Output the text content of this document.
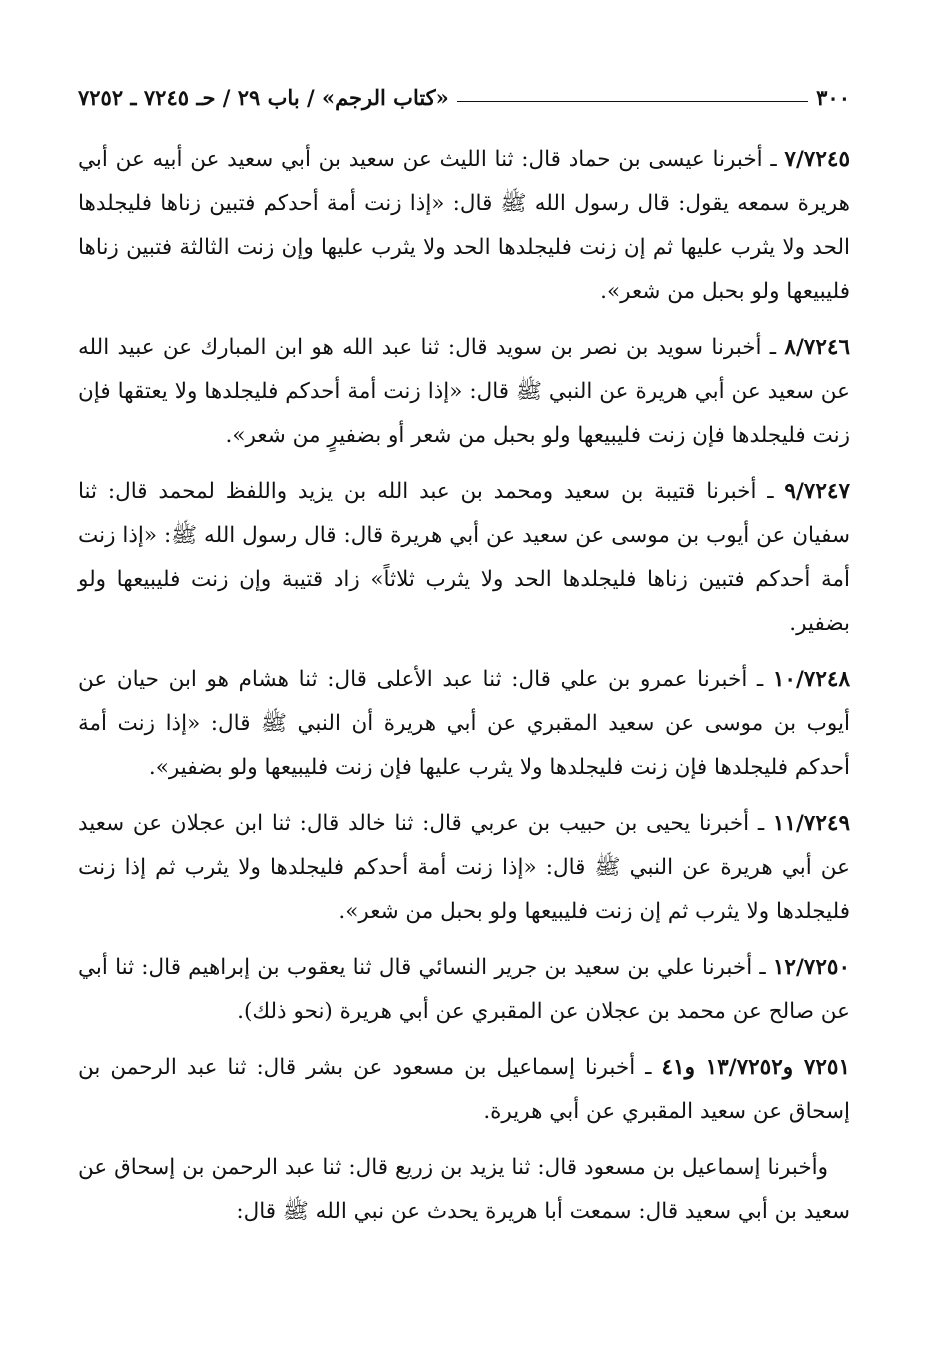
٣٠٠
«كتاب الرجم» / باب ٢٩ / حـ ٧٢٤٥ ـ ٧٢٥٢

٧/٧٢٤٥ ـ أخبرنا عيسى بن حماد قال: ثنا الليث عن سعيد بن أبي سعيد عن أبيه عن أبي هريرة سمعه يقول: قال رسول الله ﷺ قال: «إذا زنت أمة أحدكم فتبين زناها فليجلدها الحد ولا يثرب عليها ثم إن زنت فليجلدها الحد ولا يثرب عليها وإن زنت الثالثة فتبين زناها فليبيعها ولو بحبل من شعر».

٨/٧٢٤٦ ـ أخبرنا سويد بن نصر بن سويد قال: ثنا عبد الله هو ابن المبارك عن عبيد الله عن سعيد عن أبي هريرة عن النبي ﷺ قال: «إذا زنت أمة أحدكم فليجلدها ولا يعتقها فإن زنت فليجلدها فإن زنت فليبيعها ولو بحبل من شعر أو بضفيرٍ من شعر».

٩/٧٢٤٧ ـ أخبرنا قتيبة بن سعيد ومحمد بن عبد الله بن يزيد واللفظ لمحمد قال: ثنا سفيان عن أيوب بن موسى عن سعيد عن أبي هريرة قال: قال رسول الله ﷺ: «إذا زنت أمة أحدكم فتبين زناها فليجلدها الحد ولا يثرب ثلاثاً» زاد قتيبة وإن زنت فليبيعها ولو بضفير.

١٠/٧٢٤٨ ـ أخبرنا عمرو بن علي قال: ثنا عبد الأعلى قال: ثنا هشام هو ابن حيان عن أيوب بن موسى عن سعيد المقبري عن أبي هريرة أن النبي ﷺ قال: «إذا زنت أمة أحدكم فليجلدها فإن زنت فليجلدها ولا يثرب عليها فإن زنت فليبيعها ولو بضفير».

١١/٧٢٤٩ ـ أخبرنا يحيى بن حبيب بن عربي قال: ثنا خالد قال: ثنا ابن عجلان عن سعيد عن أبي هريرة عن النبي ﷺ قال: «إذا زنت أمة أحدكم فليجلدها ولا يثرب ثم إذا زنت فليجلدها ولا يثرب ثم إن زنت فليبيعها ولو بحبل من شعر».

١٢/٧٢٥٠ ـ أخبرنا علي بن سعيد بن جرير النسائي قال ثنا يعقوب بن إبراهيم قال: ثنا أبي عن صالح عن محمد بن عجلان عن المقبري عن أبي هريرة (نحو ذلك).

٧٢٥١ و١٣/٧٢٥٢ و٤١ ـ أخبرنا إسماعيل بن مسعود عن بشر قال: ثنا عبد الرحمن بن إسحاق عن سعيد المقبري عن أبي هريرة.

وأخبرنا إسماعيل بن مسعود قال: ثنا يزيد بن زريع قال: ثنا عبد الرحمن بن إسحاق عن سعيد بن أبي سعيد قال: سمعت أبا هريرة يحدث عن نبي الله ﷺ قال:
